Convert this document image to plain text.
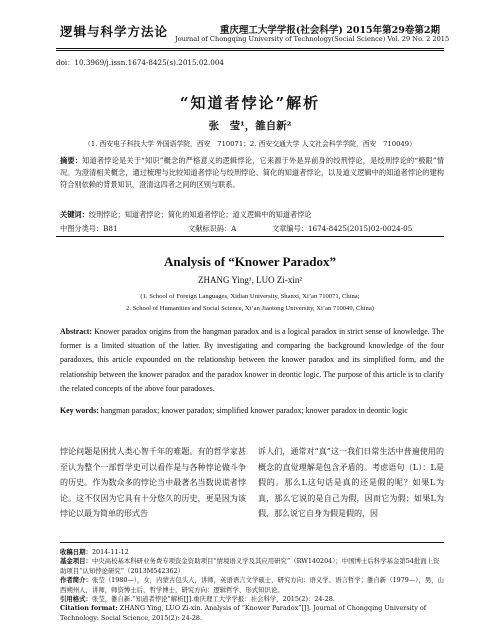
逻辑与科学方法论	重庆理工大学学报(社会科学) 2015年第29卷第2期
Journal of Chongqing University of Technology(Social Science) Vol. 29 No. 2 2015
doi：10.3969/j.issn.1674-8425(s).2015.02.004
“知道者悖论”解析
张　莹¹，雒自新²
（1. 西安电子科技大学 外国语学院，西安　710071；2. 西安交通大学 人文社会科学学院，西安　710049）
摘要：知道者悖论是关于“知识”概念的严格意义的逻辑悖论，它来源于外是异前身的绞刑悖论，是绞刑悖论的“极限”情况。为澄清相关概念，通过梳理与比较知道者悖论与绞刑悖论、简化的知道者悖论，以及道义逻辑中的知道者悖论的建构符合别依赖的背景知识，澄清这四者之间的区别与联系。
关键词：绞刑悖论；知道者悖论；简化的知道者悖论；道义逻辑中的知道者悖论
中图分类号：B81	文献标识码：A	文章编号：1674-8425(2015)02-0024-05
Analysis of “Knower Paradox”
ZHANG Ying¹, LUO Zi-xin²
(1. School of Foreign Languages, Xidian University, Shanxi, Xi’an 710071, China;
2. School of Humanities and Social Science, Xi’an Jiaotong University, Xi’an 710049, China)
Abstract: Knower paradox origins from the hangman paradox and is a logical paradox in strict sense of knowledge. The former is a limited situation of the latter. By investigating and comparing the background knowledge of the four paradoxes, this article expounded on the relationship between the knower paradox and its simplified form, and the relationship between the knower paradox and the paradox knower in deontic logic. The purpose of this article is to clarify the related concepts of the above four paradoxes.
Key words: hangman paradox; knower paradox; simplified knower paradox; knower paradox in deontic logic
悖论问题是困扰人类心智千年的难题。有的哲学家甚至认为整个一部哲学史可以看作是与各种悖论做斗争的历史。作为数众多的悖论当中最著名当数说谎者悖论。这不仅因为它具有十分悠久的历史，更是因为该悖论以最为简单的形式告
诉人们，通常对“真”这一我们日常生活中普遍使用的概念的直觉理解是包含矛盾的。考虑语句（L）：L是假的。那么L这句话是真的还是假的呢？如果L为真，那么它说的是自己为假，因而它为假；如果L为假，那么说它自身为假是假的，因
收稿日期：2014-11-12
基金项目：中央高校基本科研业务费专项资金资助项目“情境语义学及其应用研究”（RW140204）；中国博士后科学基金第54批面上资助项目“认知悖论研究”（2013M542362）
作者简介：张莹（1980—），女，内蒙古包头人，讲师，英语语言文学硕士，研究方向：语义学、语言哲学；雒自新（1979—），男，山西朔州人，讲师，师资博士后，哲学博士，研究方向：逻辑哲学、形式知识论。
引用格式：张莹，雒自新.“知道者悖论”解析[J].重庆理工大学学报：社会科学，2015(2)：24-28.
Citation format: ZHANG Ying, LUO Zi-xin. Analysis of “Knower Paradox”[J]. Journal of Chongqing University of Technology: Social Science, 2015(2): 24-28.
